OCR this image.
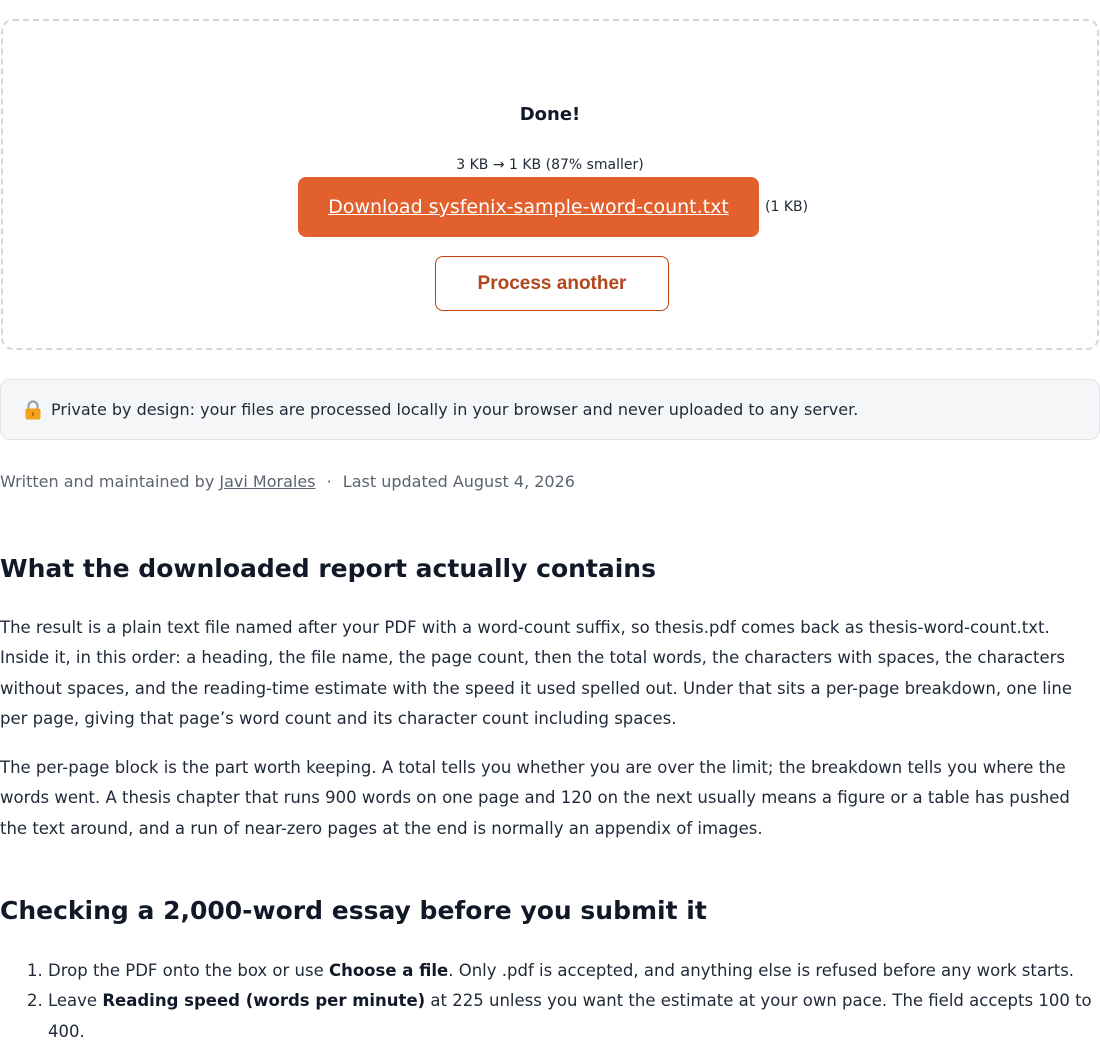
Done!
3 KB → 1 KB (87% smaller)
Download sysfenix-sample-word-count.txt	(1 KB)
Process another
Private by design: your files are processed locally in your browser and never uploaded to any server.
Written and maintained by Javi Morales · Last updated August 4, 2026
What the downloaded report actually contains

The result is a plain text file named after your PDF with a word-count suffix, so thesis.pdf comes back as thesis-word-count.txt. Inside it, in this order: a heading, the file name, the page count, then the total words, the characters with spaces, the characters without spaces, and the reading-time estimate with the speed it used spelled out. Under that sits a per-page breakdown, one line per page, giving that page’s word count and its character count including spaces.

The per-page block is the part worth keeping. A total tells you whether you are over the limit; the breakdown tells you where the words went. A thesis chapter that runs 900 words on one page and 120 on the next usually means a figure or a table has pushed the text around, and a run of near-zero pages at the end is normally an appendix of images.

Checking a 2,000-word essay before you submit it
1. Drop the PDF onto the box or use Choose a file. Only .pdf is accepted, and anything else is refused before any work starts.
2. Leave Reading speed (words per minute) at 225 unless you want the estimate at your own pace. The field accepts 100 to 400.
